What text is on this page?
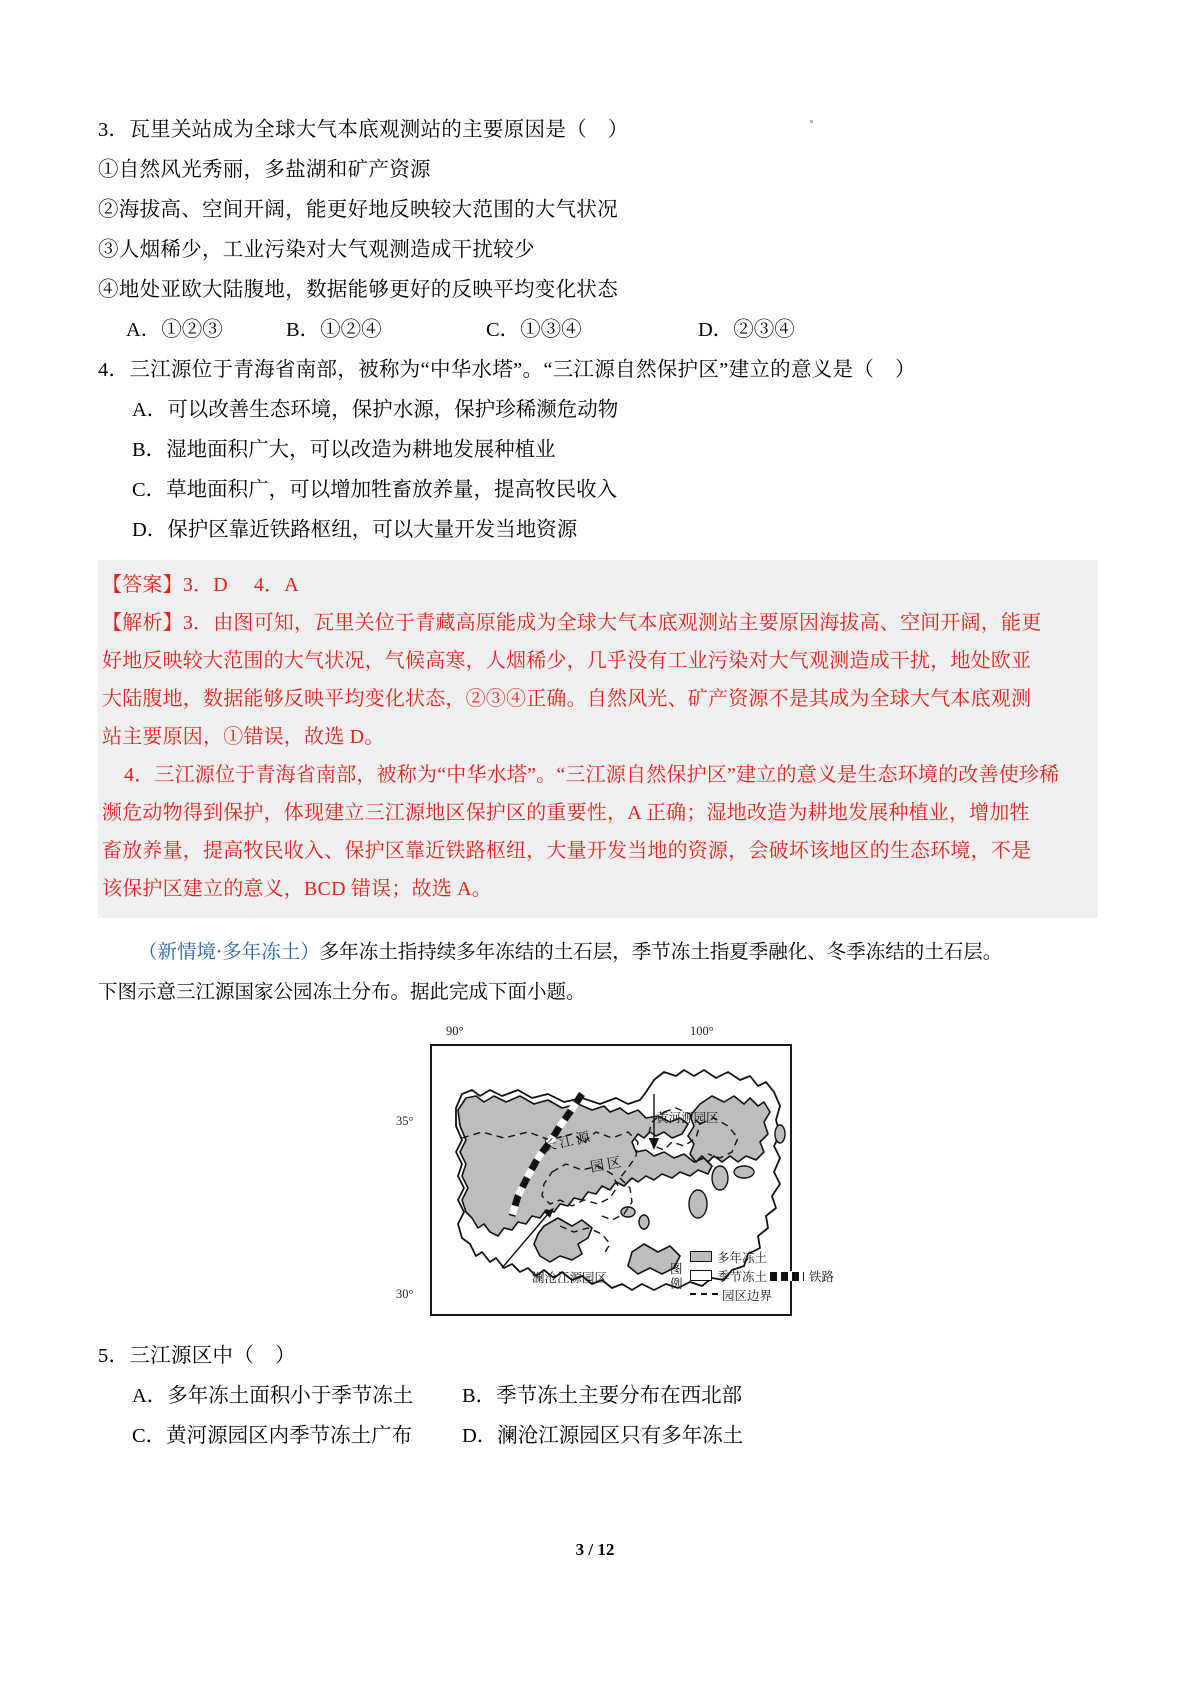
3．瓦里关站成为全球大气本底观测站的主要原因是（　）
①自然风光秀丽，多盐湖和矿产资源
②海拔高、空间开阔，能更好地反映较大范围的大气状况
③人烟稀少，工业污染对大气观测造成干扰较少
④地处亚欧大陆腹地，数据能够更好的反映平均变化状态
A．①②③	B．①②④	C．①③④	D．②③④
4．三江源位于青海省南部，被称为“中华水塔”。“三江源自然保护区”建立的意义是（　）
A．可以改善生态环境，保护水源，保护珍稀濒危动物
B．湿地面积广大，可以改造为耕地发展种植业
C．草地面积广，可以增加牲畜放养量，提高牧民收入
D．保护区靠近铁路枢纽，可以大量开发当地资源
【答案】3．D 4．A
【解析】3．由图可知，瓦里关位于青藏高原能成为全球大气本底观测站主要原因海拔高、空间开阔，能更
好地反映较大范围的大气状况，气候高寒，人烟稀少，几乎没有工业污染对大气观测造成干扰，地处欧亚
大陆腹地，数据能够反映平均变化状态，②③④正确。自然风光、矿产资源不是其成为全球大气本底观测
站主要原因，①错误，故选 D。
4．三江源位于青海省南部，被称为“中华水塔”。“三江源自然保护区”建立的意义是生态环境的改善使珍稀
濒危动物得到保护，体现建立三江源地区保护区的重要性，A 正确；湿地改造为耕地发展种植业，增加牲
畜放养量，提高牧民收入、保护区靠近铁路枢纽，大量开发当地的资源，会破坏该地区的生态环境，不是
该保护区建立的意义，BCD 错误；故选 A。
（新情境·多年冻土）多年冻土指持续多年冻结的土石层，季节冻土指夏季融化、冬季冻结的土石层。
下图示意三江源国家公园冻土分布。据此完成下面小题。
90°	100°
35°
30°
长江源
园区
黄河源园区
澜沧江源园区
图例
多年冻土
季节冻土	铁路
园区边界
5．三江源区中（　）
A．多年冻土面积小于季节冻土	B．季节冻土主要分布在西北部
C．黄河源园区内季节冻土广布	D．澜沧江源园区只有多年冻土
3 / 12
